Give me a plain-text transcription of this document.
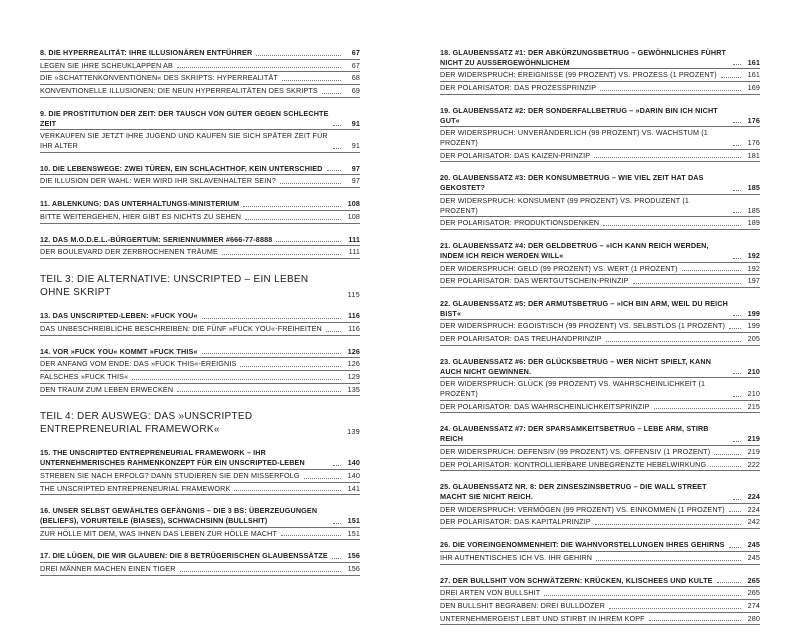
8. DIE HYPERREALITÄT: IHRE ILLUSIONÄREN ENTFÜHRER	67
LEGEN SIE IHRE SCHEUKLAPPEN AB	67
DIE »SCHATTENKONVENTIONEN« DES SKRIPTS: HYPERREALITÄT	68
KONVENTIONELLE ILLUSIONEN: DIE NEUN HYPERREALITÄTEN DES SKRIPTS	69
9. DIE PROSTITUTION DER ZEIT: DER TAUSCH VON GUTER GEGEN SCHLECHTE ZEIT	91
VERKAUFEN SIE JETZT IHRE JUGEND UND KAUFEN SIE SICH SPÄTER ZEIT FÜR IHR ALTER	91
10. DIE LEBENSWEGE: ZWEI TÜREN, EIN SCHLACHTHOF, KEIN UNTERSCHIED	97
DIE ILLUSION DER WAHL: WER WIRD IHR SKLAVENHALTER SEIN?	97
11. ABLENKUNG: DAS UNTERHALTUNGS-MINISTERIUM	108
BITTE WEITERGEHEN, HIER GIBT ES NICHTS ZU SEHEN	108
12. DAS M.O.D.E.L.-BÜRGERTUM: SERIENNUMMER #666-77-8888	111
DER BOULEVARD DER ZERBROCHENEN TRÄUME	111
TEIL 3: DIE ALTERNATIVE: UNSCRIPTED – EIN LEBEN OHNE SKRIPT	115
13. DAS UNSCRIPTED-LEBEN: »FUCK YOU«	116
DAS UNBESCHREIBLICHE BESCHREIBEN: DIE FÜNF »FUCK YOU«-FREIHEITEN	116
14. VOR »FUCK YOU« KOMMT »FUCK THIS«	126
DER ANFANG VOM ENDE: DAS »FUCK THIS«-EREIGNIS	126
FALSCHES »FUCK THIS«	129
DEN TRAUM ZUM LEBEN ERWECKEN	135
TEIL 4: DER AUSWEG: DAS »UNSCRIPTED ENTREPRENEURIAL FRAMEWORK«	139
15. THE UNSCRIPTED ENTREPRENEURIAL FRAMEWORK – IHR UNTERNEHMERISCHES RAHMENKONZEPT FÜR EIN UNSCRIPTED-LEBEN	140
STREBEN SIE NACH ERFOLG? DANN STUDIEREN SIE DEN MISSERFOLG	140
THE UNSCRIPTED ENTREPRENEURIAL FRAMEWORK	141
16. UNSER SELBST GEWÄHLTES GEFÄNGNIS – DIE 3 BS: ÜBERZEUGUNGEN (BELIEFS), VORURTEILE (BIASES), SCHWACHSINN (BULLSHIT)	151
ZUR HÖLLE MIT DEM, WAS IHNEN DAS LEBEN ZUR HÖLLE MACHT	151
17. DIE LÜGEN, DIE WIR GLAUBEN: DIE 8 BETRÜGERISCHEN GLAUBENSSÄTZE	156
DREI MÄNNER MACHEN EINEN TIGER	156
18. GLAUBENSSATZ #1: DER ABKÜRZUNGSBETRUG – GEWÖHNLICHES FÜHRT NICHT ZU AUSSERGEWÖHNLICHEM	161
DER WIDERSPRUCH: EREIGNISSE (99 PROZENT) VS. PROZESS (1 PROZENT)	161
DER POLARISATOR: DAS PROZESSPRINZIP	169
19. GLAUBENSSATZ #2: DER SONDERFALLBETRUG – »DARIN BIN ICH NICHT GUT«	176
DER WIDERSPRUCH: UNVERÄNDERLICH (99 PROZENT) VS. WACHSTUM (1 PROZENT)	176
DER POLARISATOR: DAS KAIZEN-PRINZIP	181
20. GLAUBENSSATZ #3: DER KONSUMBETRUG – WIE VIEL ZEIT HAT DAS GEKOSTET?	185
DER WIDERSPRUCH: KONSUMENT (99 PROZENT) VS. PRODUZENT (1 PROZENT)	185
DER POLARISATOR: PRODUKTIONSDENKEN	189
21. GLAUBENSSATZ #4: DER GELDBETRUG – »ICH KANN REICH WERDEN, INDEM ICH REICH WERDEN WILL«	192
DER WIDERSPRUCH: GELD (99 PROZENT) VS. WERT (1 PROZENT)	192
DER POLARISATOR: DAS WERTGUTSCHEIN-PRINZIP	197
22. GLAUBENSSATZ #5: DER ARMUTSBETRUG – »ICH BIN ARM, WEIL DU REICH BIST«	199
DER WIDERSPRUCH: EGOISTISCH (99 PROZENT) VS. SELBSTLOS (1 PROZENT)	199
DER POLARISATOR: DAS TREUHANDPRINZIP	205
23. GLAUBENSSATZ #6: DER GLÜCKSBETRUG – WER NICHT SPIELT, KANN AUCH NICHT GEWINNEN.	210
DER WIDERSPRUCH: GLÜCK (99 PROZENT) VS. WAHRSCHEINLICHKEIT (1 PROZENT)	210
DER POLARISATOR: DAS WAHRSCHEINLICHKEITSPRINZIP	215
24. GLAUBENSSATZ #7: DER SPARSAMKEITSBETRUG – LEBE ARM, STIRB REICH	219
DER WIDERSPRUCH: DEFENSIV (99 PROZENT) VS. OFFENSIV (1 PROZENT)	219
DER POLARISATOR: KONTROLLIERBARE UNBEGRENZTE HEBELWIRKUNG	222
25. GLAUBENSSATZ NR. 8: DER ZINSESZINSBETRUG – DIE WALL STREET MACHT SIE NICHT REICH.	224
DER WIDERSPRUCH: VERMÖGEN (99 PROZENT) VS. EINKOMMEN (1 PROZENT)	224
DER POLARISATOR: DAS KAPITALPRINZIP	242
26. DIE VOREINGENOMMENHEIT: DIE WAHNVORSTELLUNGEN IHRES GEHIRNS	245
IHR AUTHENTISCHES ICH VS. IHR GEHIRN	245
27. DER BULLSHIT VON SCHWÄTZERN: KRÜCKEN, KLISCHEES UND KULTE	265
DREI ARTEN VON BULLSHIT	265
DEN BULLSHIT BEGRABEN: DREI BULLDOZER	274
UNTERNEHMERGEIST LEBT UND STIRBT IN IHREM KOPF	280
